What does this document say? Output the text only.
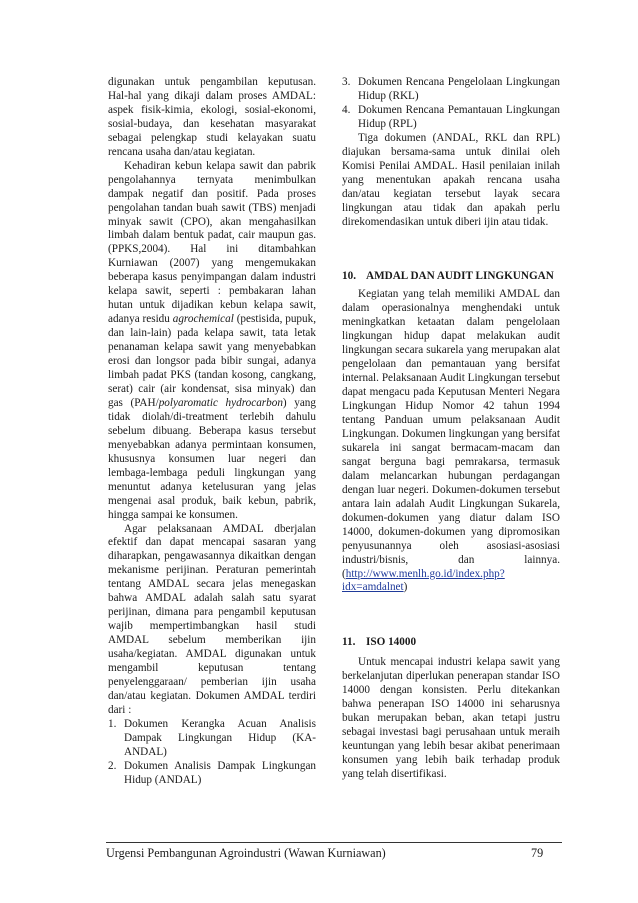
digunakan untuk pengambilan keputusan. Hal-hal yang dikaji dalam proses AMDAL: aspek fisik-kimia, ekologi, sosial-ekonomi, sosial-budaya, dan kesehatan masyarakat sebagai pelengkap studi kelayakan suatu rencana usaha dan/atau kegiatan.

Kehadiran kebun kelapa sawit dan pabrik pengolahannya ternyata menimbulkan dampak negatif dan positif. Pada proses pengolahan tandan buah sawit (TBS) menjadi minyak sawit (CPO), akan mengahasilkan limbah dalam bentuk padat, cair maupun gas. (PPKS,2004). Hal ini ditambahkan Kurniawan (2007) yang mengemukakan beberapa kasus penyimpangan dalam industri kelapa sawit, seperti : pembakaran lahan hutan untuk dijadikan kebun kelapa sawit, adanya residu agrochemical (pestisida, pupuk, dan lain-lain) pada kelapa sawit, tata letak penanaman kelapa sawit yang menyebabkan erosi dan longsor pada bibir sungai, adanya limbah padat PKS (tandan kosong, cangkang, serat) cair (air kondensat, sisa minyak) dan gas (PAH/polyaromatic hydrocarbon) yang tidak diolah/di-treatment terlebih dahulu sebelum dibuang. Beberapa kasus tersebut menyebabkan adanya permintaan konsumen, khususnya konsumen luar negeri dan lembaga-lembaga peduli lingkungan yang menuntut adanya ketelusuran yang jelas mengenai asal produk, baik kebun, pabrik, hingga sampai ke konsumen.

Agar pelaksanaan AMDAL dberjalan efektif dan dapat mencapai sasaran yang diharapkan, pengawasannya dikaitkan dengan mekanisme perijinan. Peraturan pemerintah tentang AMDAL secara jelas menegaskan bahwa AMDAL adalah salah satu syarat perijinan, dimana para pengambil keputusan wajib mempertimbangkan hasil studi AMDAL sebelum memberikan ijin usaha/kegiatan. AMDAL digunakan untuk mengambil keputusan tentang penyelenggaraan/ pemberian ijin usaha dan/atau kegiatan. Dokumen AMDAL terdiri dari :

1. Dokumen Kerangka Acuan Analisis Dampak Lingkungan Hidup (KA-ANDAL)
2. Dokumen Analisis Dampak Lingkungan Hidup (ANDAL)
3. Dokumen Rencana Pengelolaan Lingkungan Hidup (RKL)
4. Dokumen Rencana Pemantauan Lingkungan Hidup (RPL)

Tiga dokumen (ANDAL, RKL dan RPL) diajukan bersama-sama untuk dinilai oleh Komisi Penilai AMDAL. Hasil penilaian inilah yang menentukan apakah rencana usaha dan/atau kegiatan tersebut layak secara lingkungan atau tidak dan apakah perlu direkomendasikan untuk diberi ijin atau tidak.

10. AMDAL DAN AUDIT LINGKUNGAN

Kegiatan yang telah memiliki AMDAL dan dalam operasionalnya menghendaki untuk meningkatkan ketaatan dalam pengelolaan lingkungan hidup dapat melakukan audit lingkungan secara sukarela yang merupakan alat pengelolaan dan pemantauan yang bersifat internal. Pelaksanaan Audit Lingkungan tersebut dapat mengacu pada Keputusan Menteri Negara Lingkungan Hidup Nomor 42 tahun 1994 tentang Panduan umum pelaksanaan Audit Lingkungan. Dokumen lingkungan yang bersifat sukarela ini sangat bermacam-macam dan sangat berguna bagi pemrakarsa, termasuk dalam melancarkan hubungan perdagangan dengan luar negeri. Dokumen-dokumen tersebut antara lain adalah Audit Lingkungan Sukarela, dokumen-dokumen yang diatur dalam ISO 14000, dokumen-dokumen yang dipromosikan penyusunannya oleh asosiasi-asosiasi industri/bisnis, dan lainnya.(http://www.menlh.go.id/index.php?idx=amdalnet)

11. ISO 14000

Untuk mencapai industri kelapa sawit yang berkelanjutan diperlukan penerapan standar ISO 14000 dengan konsisten. Perlu ditekankan bahwa penerapan ISO 14000 ini seharusnya bukan merupakan beban, akan tetapi justru sebagai investasi bagi perusahaan untuk meraih keuntungan yang lebih besar akibat penerimaan konsumen yang lebih baik terhadap produk yang telah disertifikasi.

Urgensi Pembangunan Agroindustri (Wawan Kurniawan)	79
